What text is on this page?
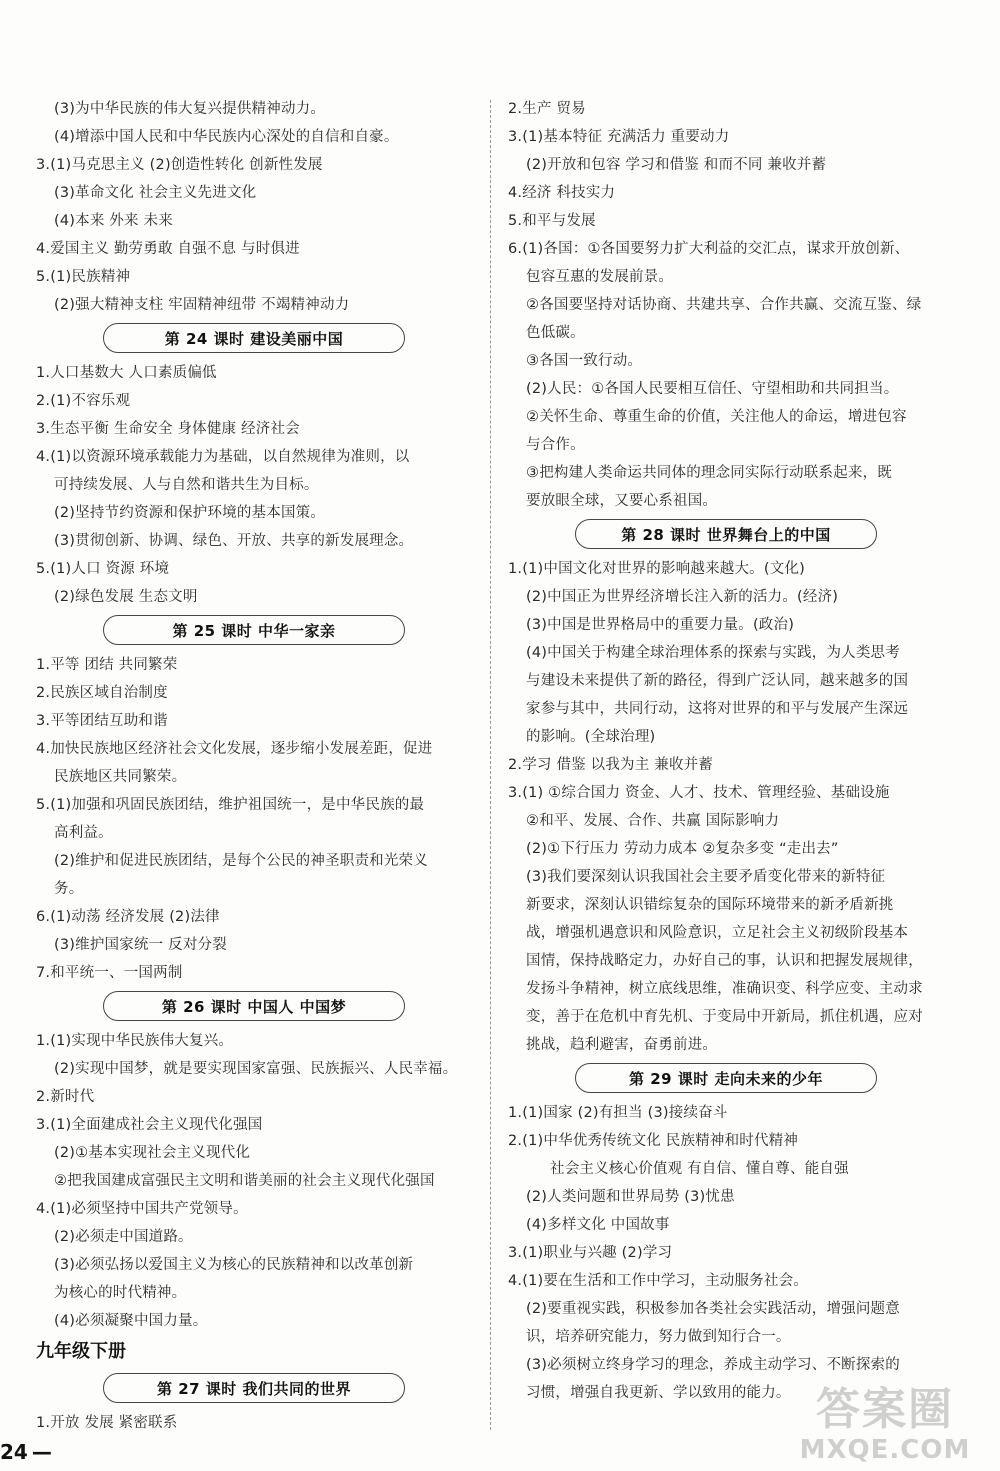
(3)为中华民族的伟大复兴提供精神动力。
(4)增添中国人民和中华民族内心深处的自信和自豪。
3.(1)马克思主义 (2)创造性转化 创新性发展
(3)革命文化 社会主义先进文化
(4)本来 外来 未来
4.爱国主义 勤劳勇敢 自强不息 与时俱进
5.(1)民族精神
(2)强大精神支柱 牢固精神纽带 不竭精神动力
第 24 课时 建设美丽中国
1.人口基数大 人口素质偏低
2.(1)不容乐观
3.生态平衡 生命安全 身体健康 经济社会
4.(1)以资源环境承载能力为基础，以自然规律为准则，以
可持续发展、人与自然和谐共生为目标。
(2)坚持节约资源和保护环境的基本国策。
(3)贯彻创新、协调、绿色、开放、共享的新发展理念。
5.(1)人口 资源 环境
(2)绿色发展 生态文明
第 25 课时 中华一家亲
1.平等 团结 共同繁荣
2.民族区域自治制度
3.平等团结互助和谐
4.加快民族地区经济社会文化发展，逐步缩小发展差距，促进
民族地区共同繁荣。
5.(1)加强和巩固民族团结，维护祖国统一，是中华民族的最
高利益。
(2)维护和促进民族团结，是每个公民的神圣职责和光荣义
务。
6.(1)动荡 经济发展 (2)法律
(3)维护国家统一 反对分裂
7.和平统一、一国两制
第 26 课时 中国人 中国梦
1.(1)实现中华民族伟大复兴。
(2)实现中国梦，就是要实现国家富强、民族振兴、人民幸福。
2.新时代
3.(1)全面建成社会主义现代化强国
(2)①基本实现社会主义现代化
②把我国建成富强民主文明和谐美丽的社会主义现代化强国
4.(1)必须坚持中国共产党领导。
(2)必须走中国道路。
(3)必须弘扬以爱国主义为核心的民族精神和以改革创新
为核心的时代精神。
(4)必须凝聚中国力量。
九年级下册
第 27 课时 我们共同的世界
1.开放 发展 紧密联系
2.生产 贸易
3.(1)基本特征 充满活力 重要动力
(2)开放和包容 学习和借鉴 和而不同 兼收并蓄
4.经济 科技实力
5.和平与发展
6.(1)各国：①各国要努力扩大利益的交汇点，谋求开放创新、
包容互惠的发展前景。
②各国要坚持对话协商、共建共享、合作共赢、交流互鉴、绿
色低碳。
③各国一致行动。
(2)人民：①各国人民要相互信任、守望相助和共同担当。
②关怀生命、尊重生命的价值，关注他人的命运，增进包容
与合作。
③把构建人类命运共同体的理念同实际行动联系起来，既
要放眼全球，又要心系祖国。
第 28 课时 世界舞台上的中国
1.(1)中国文化对世界的影响越来越大。(文化)
(2)中国正为世界经济增长注入新的活力。(经济)
(3)中国是世界格局中的重要力量。(政治)
(4)中国关于构建全球治理体系的探索与实践，为人类思考
与建设未来提供了新的路径，得到广泛认同，越来越多的国
家参与其中，共同行动，这将对世界的和平与发展产生深远
的影响。(全球治理)
2.学习 借鉴 以我为主 兼收并蓄
3.(1) ①综合国力 资金、人才、技术、管理经验、基础设施
②和平、发展、合作、共赢 国际影响力
(2)①下行压力 劳动力成本 ②复杂多变 “走出去”
(3)我们要深刻认识我国社会主要矛盾变化带来的新特征
新要求，深刻认识错综复杂的国际环境带来的新矛盾新挑
战，增强机遇意识和风险意识，立足社会主义初级阶段基本
国情，保持战略定力，办好自己的事，认识和把握发展规律，
发扬斗争精神，树立底线思维，准确识变、科学应变、主动求
变，善于在危机中育先机、于变局中开新局，抓住机遇，应对
挑战，趋利避害，奋勇前进。
第 29 课时 走向未来的少年
1.(1)国家 (2)有担当 (3)接续奋斗
2.(1)中华优秀传统文化 民族精神和时代精神
社会主义核心价值观 有自信、懂自尊、能自强
(2)人类问题和世界局势 (3)忧患
(4)多样文化 中国故事
3.(1)职业与兴趣 (2)学习
4.(1)要在生活和工作中学习，主动服务社会。
(2)要重视实践，积极参加各类社会实践活动，增强问题意
识，培养研究能力，努力做到知行合一。
(3)必须树立终身学习的理念，养成主动学习、不断探索的
习惯，增强自我更新、学以致用的能力。
24 —
答案圈
MXQE.COM
